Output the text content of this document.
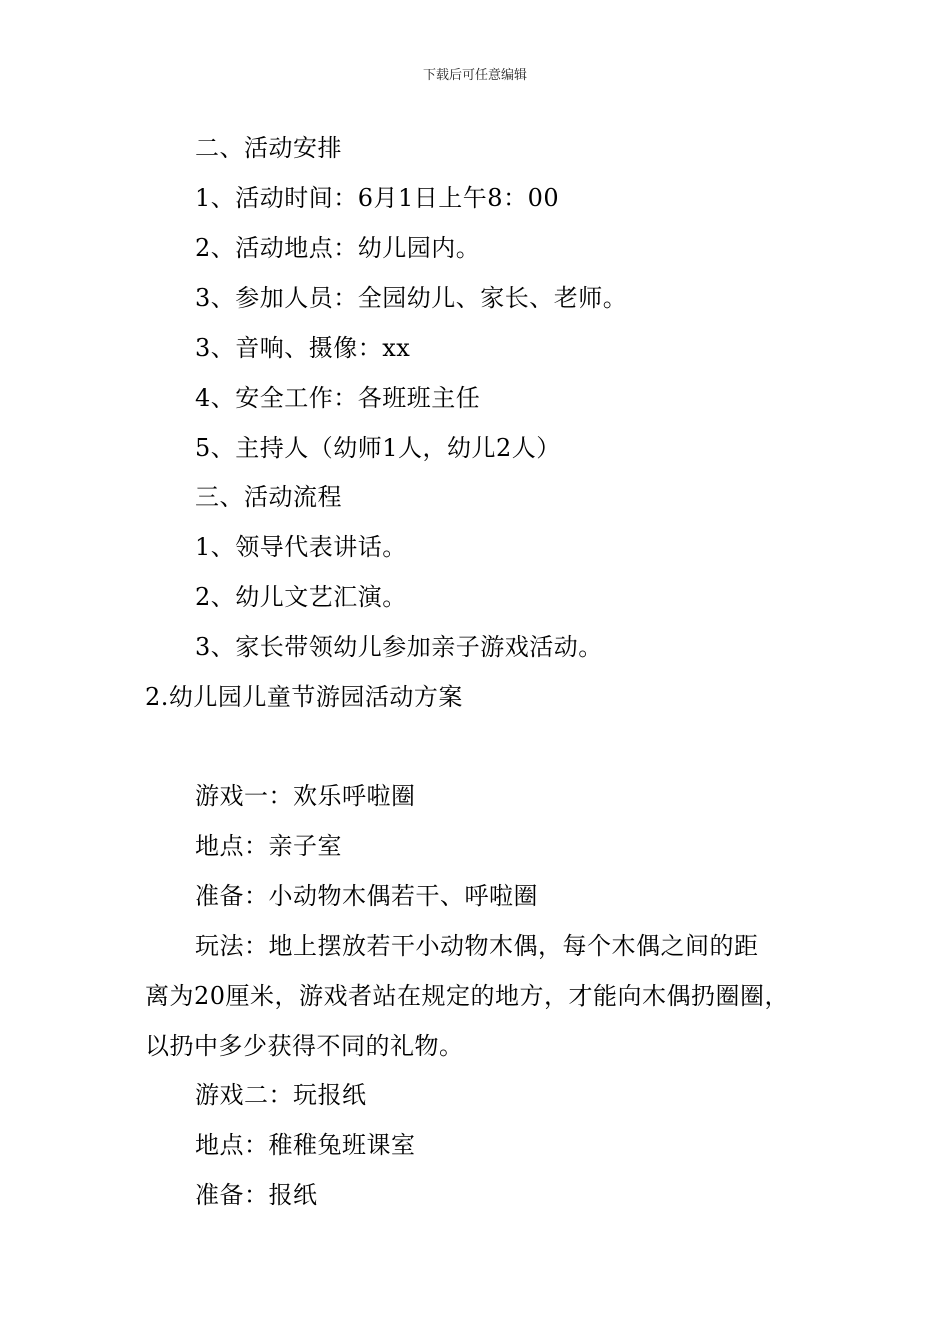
下载后可任意编辑
二、活动安排
1、活动时间：6月1日上午8：00
2、活动地点：幼儿园内。
3、参加人员：全园幼儿、家长、老师。
3、音响、摄像：xx
4、安全工作：各班班主任
5、主持人（幼师1人，幼儿2人）
三、活动流程
1、领导代表讲话。
2、幼儿文艺汇演。
3、家长带领幼儿参加亲子游戏活动。
2.幼儿园儿童节游园活动方案
游戏一：欢乐呼啦圈
地点：亲子室
准备：小动物木偶若干、呼啦圈
玩法：地上摆放若干小动物木偶，每个木偶之间的距
离为20厘米，游戏者站在规定的地方，才能向木偶扔圈圈，
以扔中多少获得不同的礼物。
游戏二：玩报纸
地点：稚稚兔班课室
准备：报纸
